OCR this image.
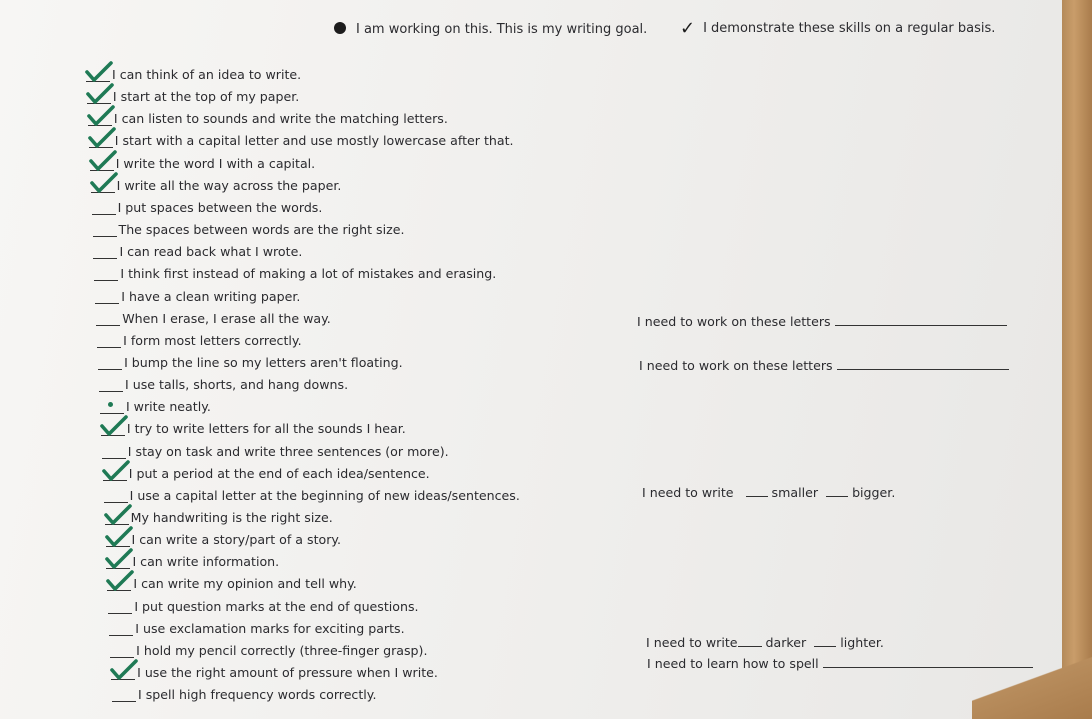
I am working on this. This is my writing goal. ✓ I demonstrate these skills on a regular basis.
I can think of an idea to write.
I start at the top of my paper.
I can listen to sounds and write the matching letters.
I start with a capital letter and use mostly lowercase after that.
I write the word I with a capital.
I write all the way across the paper.
I put spaces between the words.
The spaces between words are the right size.
I can read back what I wrote.
I think first instead of making a lot of mistakes and erasing.
I have a clean writing paper.
When I erase, I erase all the way.
I form most letters correctly.
I bump the line so my letters aren't floating.
I use talls, shorts, and hang downs.
I write neatly.
I try to write letters for all the sounds I hear.
I stay on task and write three sentences (or more).
I put a period at the end of each idea/sentence.
I use a capital letter at the beginning of new ideas/sentences.
My handwriting is the right size.
I can write a story/part of a story.
I can write information.
I can write my opinion and tell why.
I put question marks at the end of questions.
I use exclamation marks for exciting parts.
I hold my pencil correctly (three-finger grasp).
I use the right amount of pressure when I write.
I spell high frequency words correctly.
I need to work on these letters
I need to work on these letters
I need to write	smaller	bigger.
I need to write darker	lighter.
I need to learn how to spell
